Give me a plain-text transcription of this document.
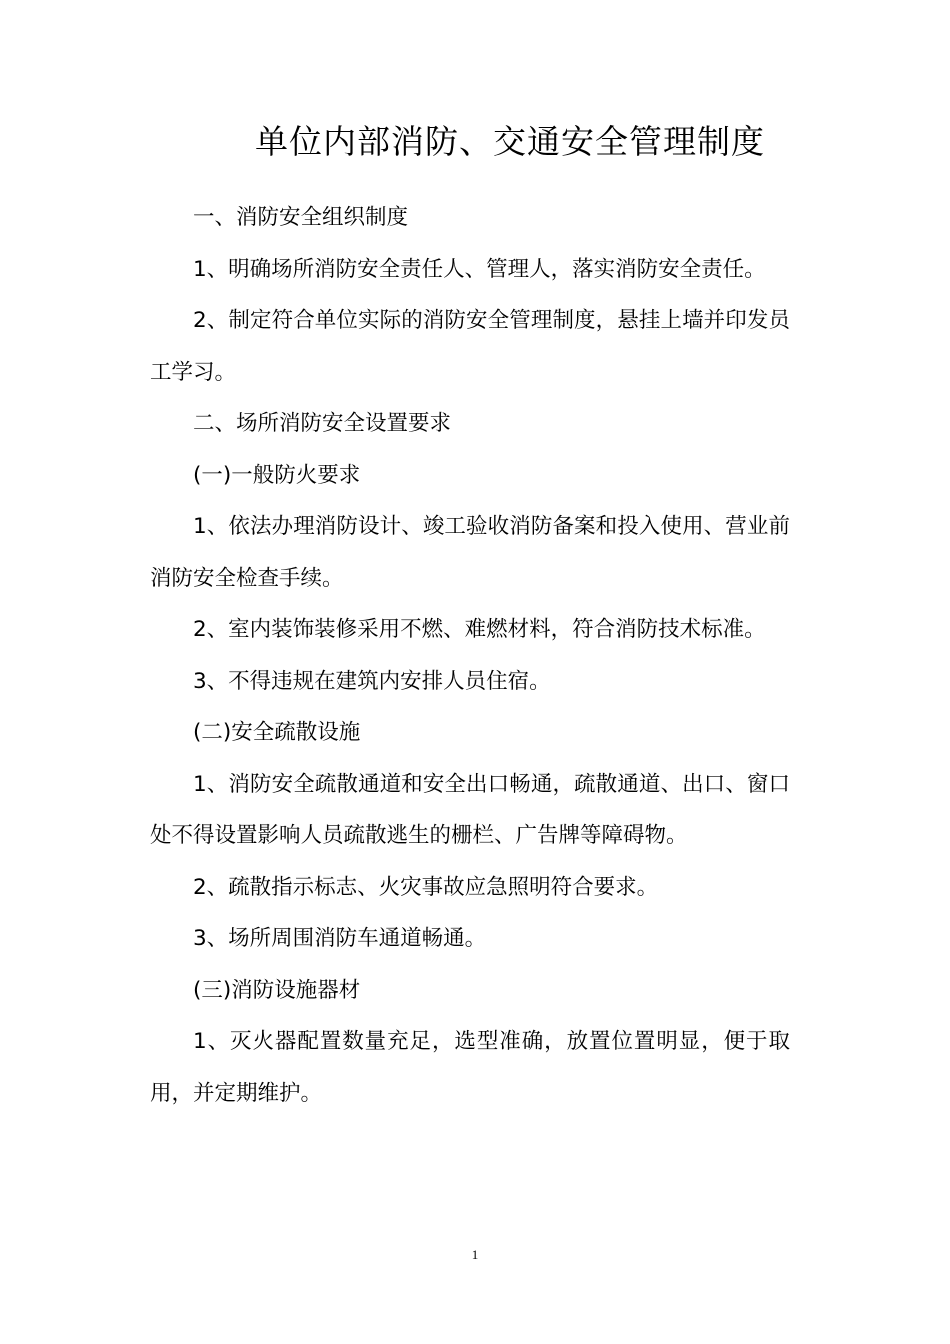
单位内部消防、交通安全管理制度

一、消防安全组织制度

1、明确场所消防安全责任人、管理人，落实消防安全责任。

2、制定符合单位实际的消防安全管理制度，悬挂上墙并印发员工学习。

二、场所消防安全设置要求

(一)一般防火要求

1、依法办理消防设计、竣工验收消防备案和投入使用、营业前消防安全检查手续。

2、室内装饰装修采用不燃、难燃材料，符合消防技术标准。

3、不得违规在建筑内安排人员住宿。

(二)安全疏散设施

1、消防安全疏散通道和安全出口畅通，疏散通道、出口、窗口处不得设置影响人员疏散逃生的栅栏、广告牌等障碍物。

2、疏散指示标志、火灾事故应急照明符合要求。

3、场所周围消防车通道畅通。

(三)消防设施器材

1、灭火器配置数量充足，选型准确，放置位置明显，便于取用，并定期维护。

1
